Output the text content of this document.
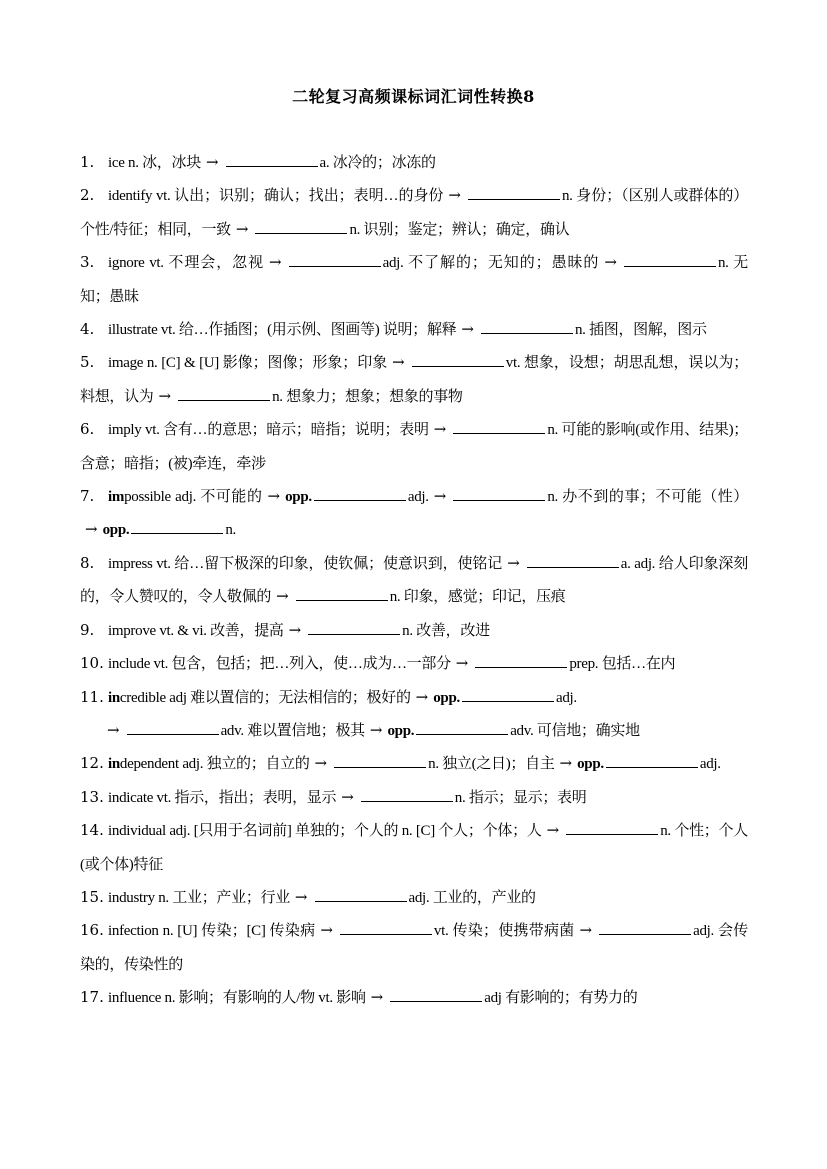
二轮复习高频课标词汇词性转换8
1. ice n. 冰，冰块 →	a. 冰冷的；冰冻的
2. identify vt. 认出；识别；确认；找出；表明…的身份 →	n. 身份；（区别人或群体的）个性/特征；相同，一致 →	n. 识别；鉴定；辨认；确定，确认
3. ignore vt. 不理会，忽视 →	adj. 不了解的；无知的；愚昧的 →	n. 无知；愚昧
4. illustrate vt. 给…作插图；(用示例、图画等) 说明；解释 →	n. 插图，图解，图示
5. image n. [C] & [U] 影像；图像；形象；印象 →	vt. 想象，设想；胡思乱想，误以为；料想，认为 →	n. 想象力；想象；想象的事物
6. imply vt. 含有…的意思；暗示；暗指；说明；表明 →	n. 可能的影响(或作用、结果)；含意；暗指；(被)牵连，牵涉
7. impossible adj. 不可能的 → opp.	adj. →	n. 办不到的事；不可能（性）→ opp.	n.
8. impress vt. 给…留下极深的印象，使钦佩；使意识到，使铭记 →	a. adj. 给人印象深刻的，令人赞叹的，令人敬佩的 →	n. 印象，感觉；印记，压痕
9. improve vt. & vi. 改善，提高 →	n. 改善，改进
10. include vt. 包含，包括；把…列入，使…成为…一部分 →	prep. 包括…在内
11. incredible adj 难以置信的；无法相信的；极好的 → opp.	adj.
→	adv. 难以置信地；极其 → opp.	adv. 可信地；确实地
12. independent adj. 独立的；自立的 →	n. 独立(之日)；自主 → opp.	adj.
13. indicate vt. 指示，指出；表明，显示 →	n. 指示；显示；表明
14. individual adj. [只用于名词前] 单独的；个人的 n. [C] 个人；个体；人 →	n. 个性；个人(或个体)特征
15. industry n. 工业；产业；行业 →	adj. 工业的，产业的
16. infection n. [U] 传染；[C] 传染病 →	vt. 传染；使携带病菌 →	adj. 会传染的，传染性的
17. influence n. 影响；有影响的人/物 vt. 影响 →	adj 有影响的；有势力的
